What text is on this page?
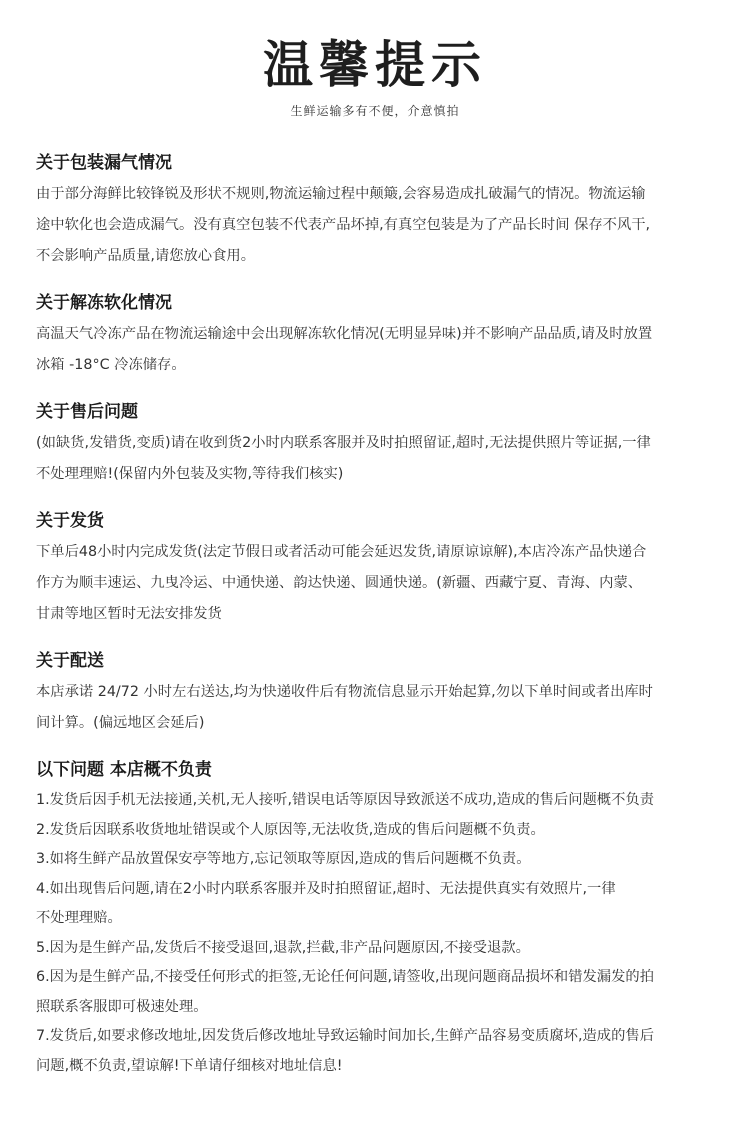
温馨提示
生鲜运输多有不便，介意慎拍
关于包装漏气情况

由于部分海鲜比较锋锐及形状不规则,物流运输过程中颠簸,会容易造成扎破漏气的情况。物流运输

途中软化也会造成漏气。没有真空包装不代表产品坏掉,有真空包装是为了产品长时间 保存不风干,

不会影响产品质量,请您放心食用。

关于解冻软化情况

高温天气冷冻产品在物流运输途中会出现解冻软化情况(无明显异味)并不影响产品品质,请及时放置

冰箱 -18°C 冷冻储存。

关于售后问题

(如缺货,发错货,变质)请在收到货2小时内联系客服并及时拍照留证,超时,无法提供照片等证据,一律

不处理理赔!(保留内外包装及实物,等待我们核实)

关于发货

下单后48小时内完成发货(法定节假日或者活动可能会延迟发货,请原谅谅解),本店冷冻产品快递合

作方为顺丰速运、九曳冷运、中通快递、韵达快递、圆通快递。(新疆、西藏宁夏、青海、内蒙、

甘肃等地区暂时无法安排发货

关于配送

本店承诺 24/72 小时左右送达,均为快递收件后有物流信息显示开始起算,勿以下单时间或者出库时

间计算。(偏远地区会延后)

以下问题 本店概不负责

1.发货后因手机无法接通,关机,无人接听,错误电话等原因导致派送不成功,造成的售后问题概不负责

2.发货后因联系收货地址错误或个人原因等,无法收货,造成的售后问题概不负责。

3.如将生鲜产品放置保安亭等地方,忘记领取等原因,造成的售后问题概不负责。

4.如出现售后问题,请在2小时内联系客服并及时拍照留证,超时、无法提供真实有效照片,一律

不处理理赔。

5.因为是生鲜产品,发货后不接受退回,退款,拦截,非产品问题原因,不接受退款。

6.因为是生鲜产品,不接受任何形式的拒签,无论任何问题,请签收,出现问题商品损坏和错发漏发的拍

照联系客服即可极速处理。

7.发货后,如要求修改地址,因发货后修改地址导致运输时间加长,生鲜产品容易变质腐坏,造成的售后

问题,概不负责,望谅解!下单请仔细核对地址信息!
